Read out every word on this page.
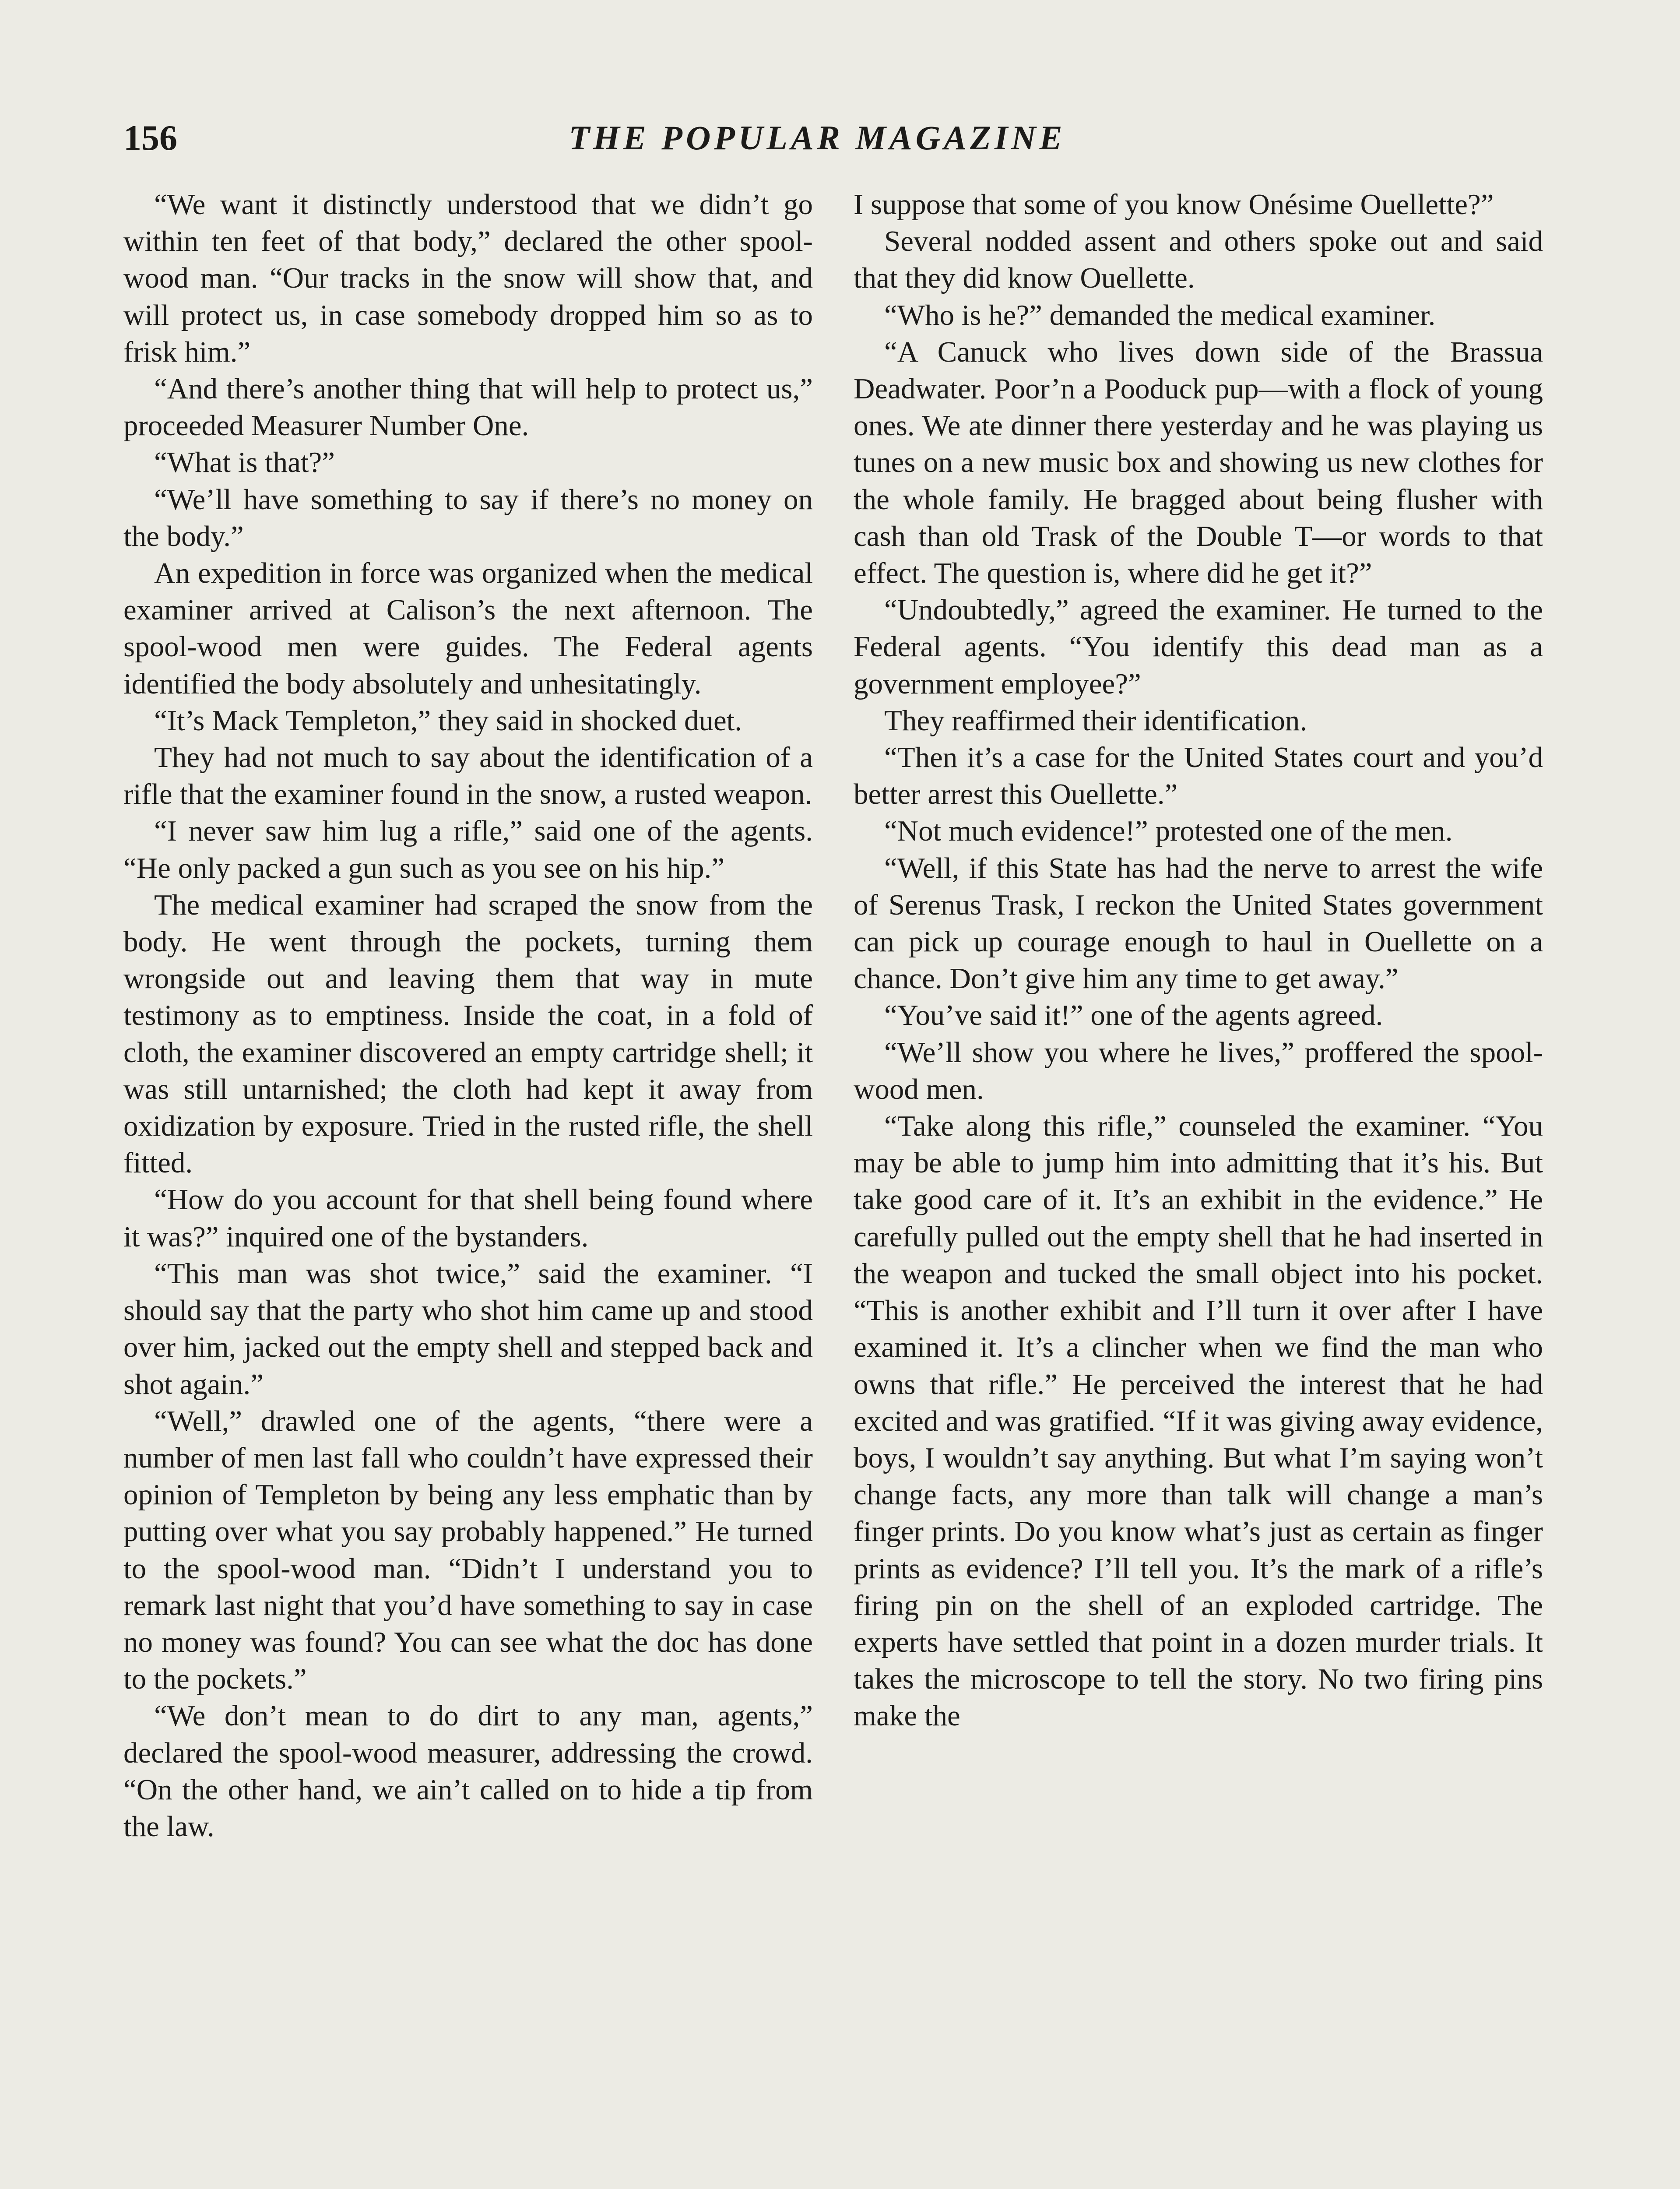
156	THE POPULAR MAGAZINE

“We want it distinctly understood that we didn’t go within ten feet of that body,” declared the other spool-wood man. “Our tracks in the snow will show that, and will protect us, in case somebody dropped him so as to frisk him.”

“And there’s another thing that will help to protect us,” proceeded Measurer Number One.

“What is that?”

“We’ll have something to say if there’s no money on the body.”

An expedition in force was organized when the medical examiner arrived at Calison’s the next afternoon. The spool-wood men were guides. The Federal agents identified the body absolutely and unhesitatingly.

“It’s Mack Templeton,” they said in shocked duet.

They had not much to say about the identification of a rifle that the examiner found in the snow, a rusted weapon.

“I never saw him lug a rifle,” said one of the agents. “He only packed a gun such as you see on his hip.”

The medical examiner had scraped the snow from the body. He went through the pockets, turning them wrongside out and leaving them that way in mute testimony as to emptiness. Inside the coat, in a fold of cloth, the examiner discovered an empty cartridge shell; it was still untarnished; the cloth had kept it away from oxidization by exposure. Tried in the rusted rifle, the shell fitted.

“How do you account for that shell being found where it was?” inquired one of the bystanders.

“This man was shot twice,” said the examiner. “I should say that the party who shot him came up and stood over him, jacked out the empty shell and stepped back and shot again.”

“Well,” drawled one of the agents, “there were a number of men last fall who couldn’t have expressed their opinion of Templeton by being any less emphatic than by putting over what you say probably happened.” He turned to the spool-wood man. “Didn’t I understand you to remark last night that you’d have something to say in case no money was found? You can see what the doc has done to the pockets.”

“We don’t mean to do dirt to any man, agents,” declared the spool-wood measurer, addressing the crowd. “On the other hand, we ain’t called on to hide a tip from the law.

I suppose that some of you know Onésime Ouellette?”

Several nodded assent and others spoke out and said that they did know Ouellette.

“Who is he?” demanded the medical examiner.

“A Canuck who lives down side of the Brassua Deadwater. Poor’n a Pooduck pup—with a flock of young ones. We ate dinner there yesterday and he was playing us tunes on a new music box and showing us new clothes for the whole family. He bragged about being flusher with cash than old Trask of the Double T—or words to that effect. The question is, where did he get it?”

“Undoubtedly,” agreed the examiner. He turned to the Federal agents. “You identify this dead man as a government employee?”

They reaffirmed their identification.

“Then it’s a case for the United States court and you’d better arrest this Ouellette.”

“Not much evidence!” protested one of the men.

“Well, if this State has had the nerve to arrest the wife of Serenus Trask, I reckon the United States government can pick up courage enough to haul in Ouellette on a chance. Don’t give him any time to get away.”

“You’ve said it!” one of the agents agreed.

“We’ll show you where he lives,” proffered the spool-wood men.

“Take along this rifle,” counseled the examiner. “You may be able to jump him into admitting that it’s his. But take good care of it. It’s an exhibit in the evidence.” He carefully pulled out the empty shell that he had inserted in the weapon and tucked the small object into his pocket. “This is another exhibit and I’ll turn it over after I have examined it. It’s a clincher when we find the man who owns that rifle.” He perceived the interest that he had excited and was gratified. “If it was giving away evidence, boys, I wouldn’t say anything. But what I’m saying won’t change facts, any more than talk will change a man’s finger prints. Do you know what’s just as certain as finger prints as evidence? I’ll tell you. It’s the mark of a rifle’s firing pin on the shell of an exploded cartridge. The experts have settled that point in a dozen murder trials. It takes the microscope to tell the story. No two firing pins make the
